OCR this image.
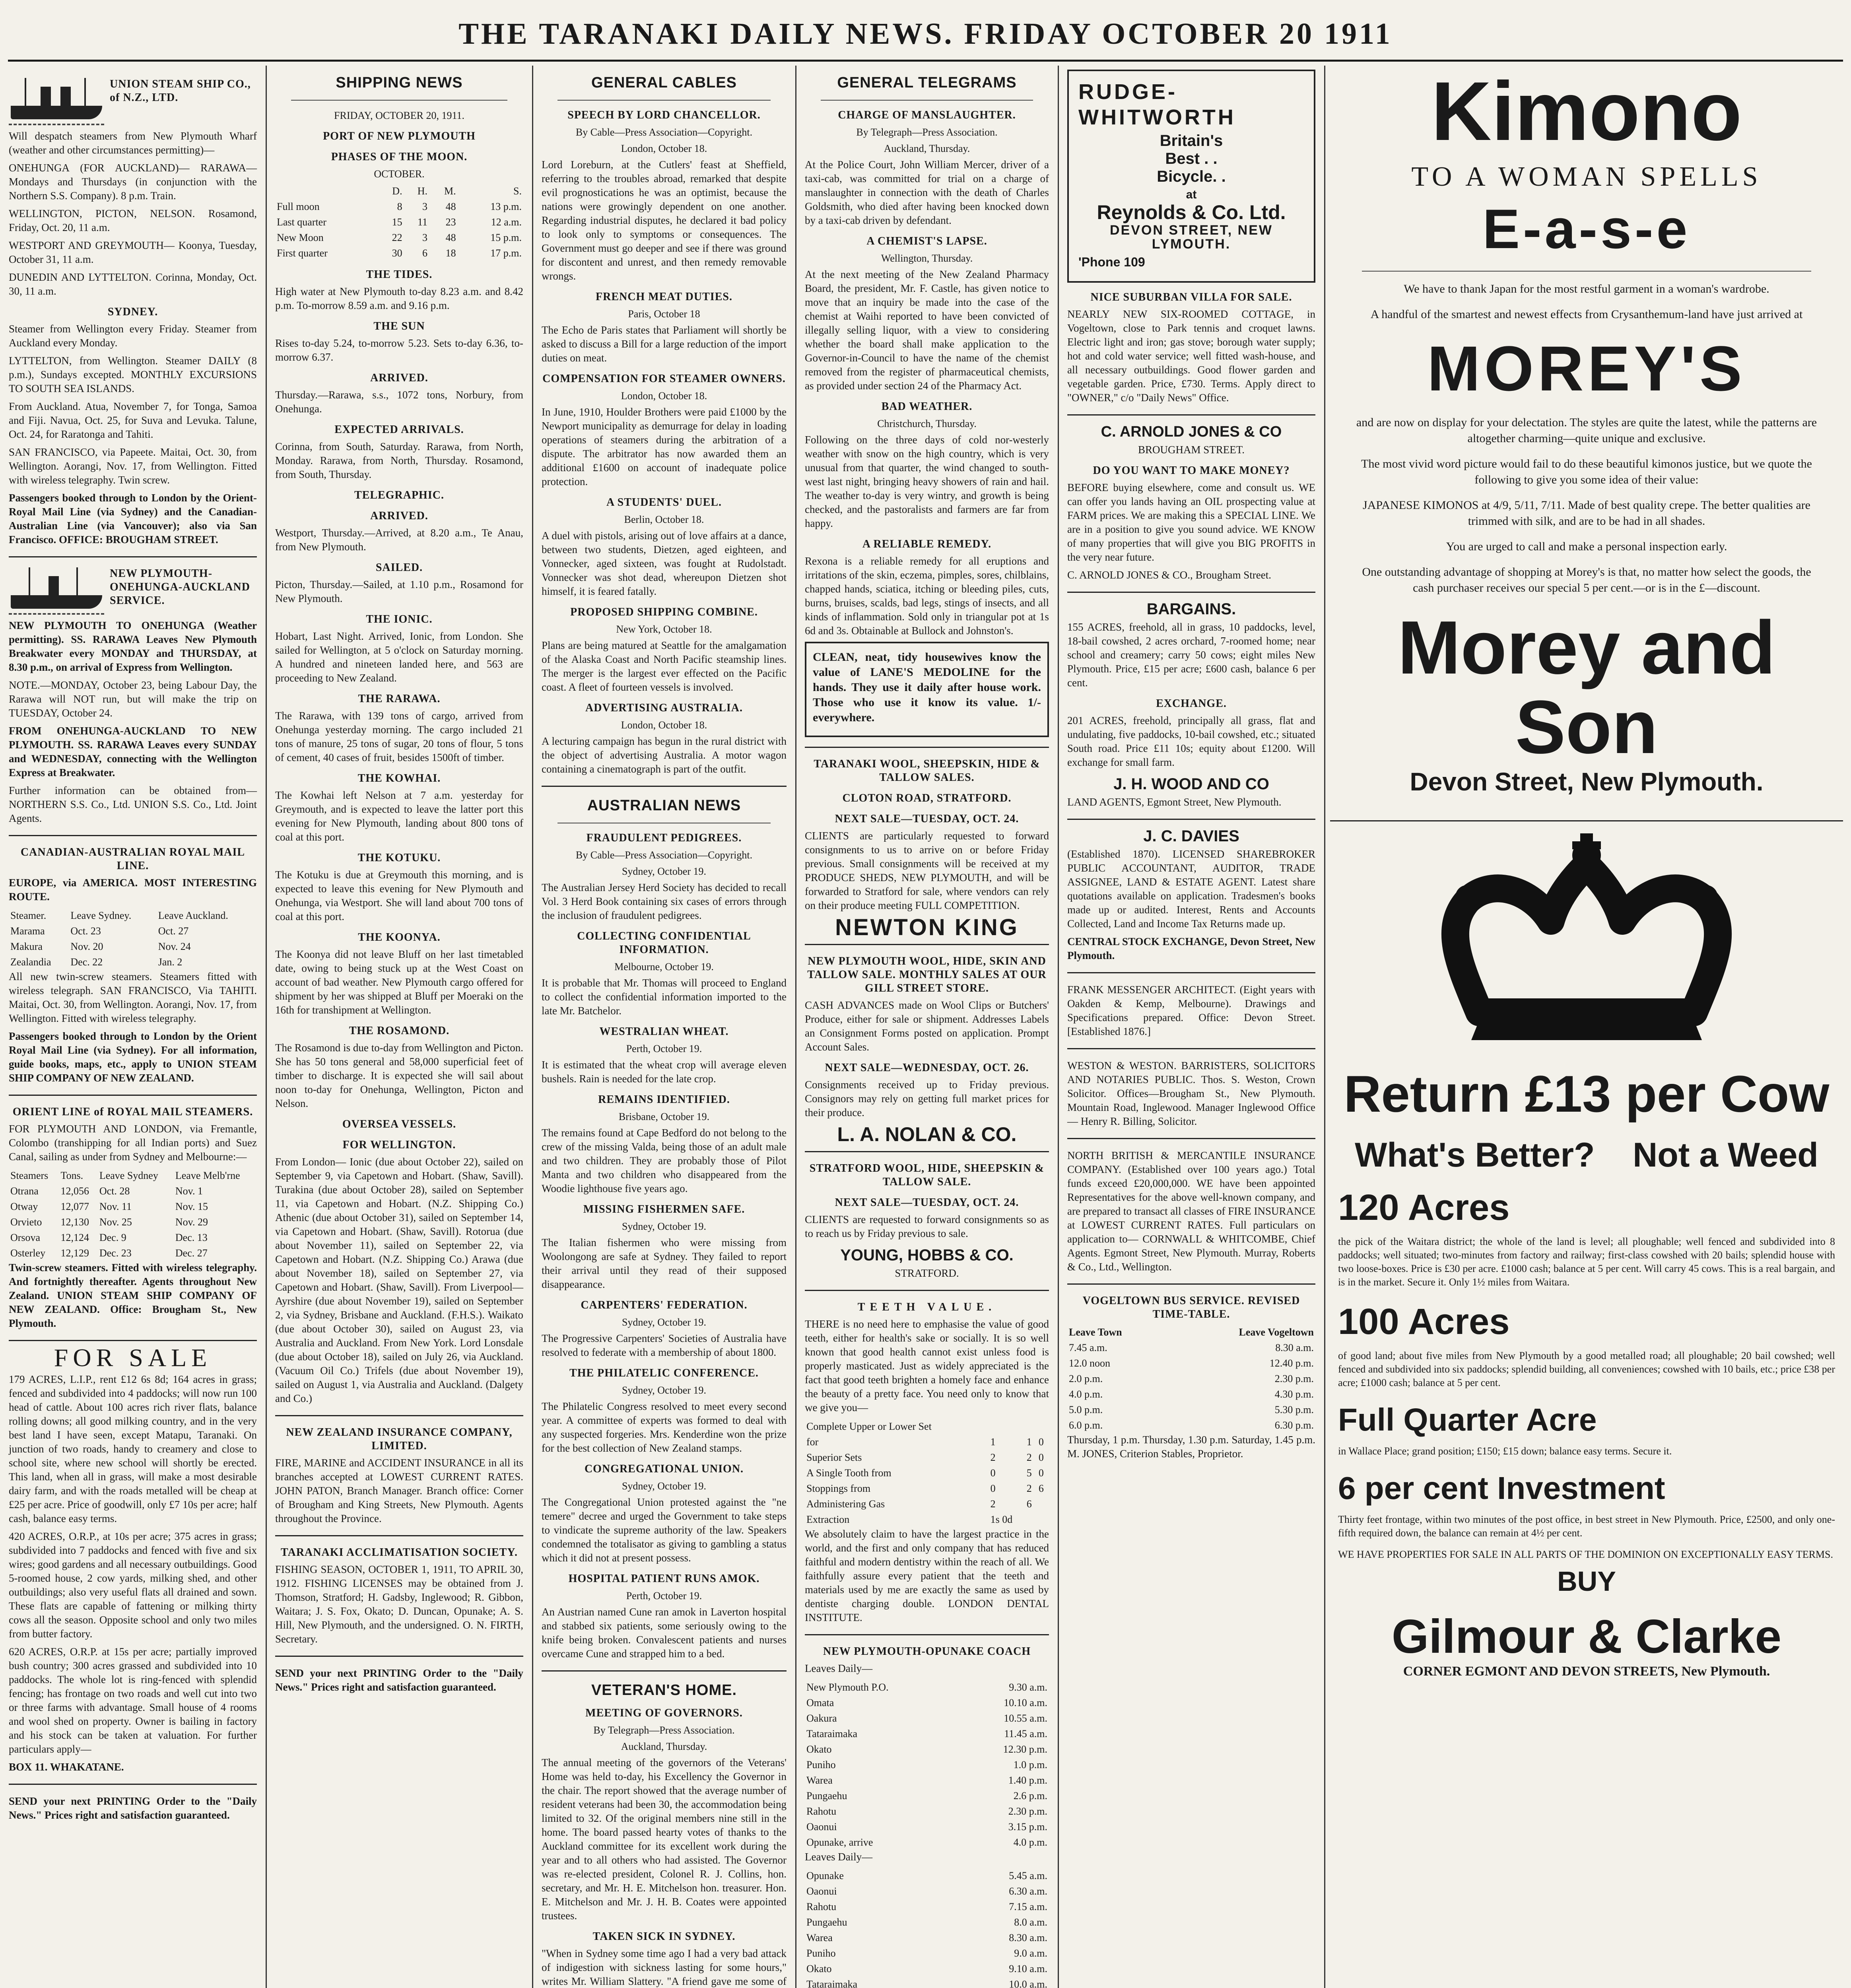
THE TARANAKI DAILY NEWS. FRIDAY OCTOBER 20 1911
UNION STEAM SHIP CO., of N.Z., LTD.

Will despatch steamers from New Plymouth Wharf (weather and other circumstances permitting)—

ONEHUNGA (FOR AUCKLAND)— RARAWA—Mondays and Thursdays (in conjunction with the Northern S.S. Company). 8 p.m. Train.

WELLINGTON, PICTON, NELSON. Rosamond, Friday, Oct. 20, 11 a.m.

WESTPORT AND GREYMOUTH— Koonya, Tuesday, October 31, 11 a.m.

DUNEDIN AND LYTTELTON. Corinna, Monday, Oct. 30, 11 a.m.

SYDNEY.

Steamer from Wellington every Friday. Steamer from Auckland every Monday.

LYTTELTON, from Wellington. Steamer DAILY (8 p.m.), Sundays excepted. MONTHLY EXCURSIONS TO SOUTH SEA ISLANDS.

From Auckland. Atua, November 7, for Tonga, Samoa and Fiji. Navua, Oct. 25, for Suva and Levuka. Talune, Oct. 24, for Raratonga and Tahiti.

SAN FRANCISCO, via Papeete. Maitai, Oct. 30, from Wellington. Aorangi, Nov. 17, from Wellington. Fitted with wireless telegraphy. Twin screw.

Passengers booked through to London by the Orient-Royal Mail Line (via Sydney) and the Canadian-Australian Line (via Vancouver); also via San Francisco. OFFICE: BROUGHAM STREET.

NEW PLYMOUTH-ONEHUNGA-AUCKLAND SERVICE.

NEW PLYMOUTH TO ONEHUNGA (Weather permitting). SS. RARAWA Leaves New Plymouth Breakwater every MONDAY and THURSDAY, at 8.30 p.m., on arrival of Express from Wellington.

NOTE.—MONDAY, October 23, being Labour Day, the Rarawa will NOT run, but will make the trip on TUESDAY, October 24.

FROM ONEHUNGA-AUCKLAND TO NEW PLYMOUTH. SS. RARAWA Leaves every SUNDAY and WEDNESDAY, connecting with the Wellington Express at Breakwater.

Further information can be obtained from— NORTHERN S.S. Co., Ltd. UNION S.S. Co., Ltd. Joint Agents.

CANADIAN-AUSTRALIAN ROYAL MAIL LINE.

EUROPE, via AMERICA. MOST INTERESTING ROUTE.

Steamer.	Leave Sydney.	Leave Auckland.
Marama	Oct. 23	Oct. 27
Makura	Nov. 20	Nov. 24
Zealandia	Dec. 22	Jan. 2

All new twin-screw steamers. Steamers fitted with wireless telegraph. SAN FRANCISCO, Via TAHITI. Maitai, Oct. 30, from Wellington. Aorangi, Nov. 17, from Wellington. Fitted with wireless telegraphy.

Passengers booked through to London by the Orient Royal Mail Line (via Sydney). For all information, guide books, maps, etc., apply to UNION STEAM SHIP COMPANY OF NEW ZEALAND.

ORIENT LINE of ROYAL MAIL STEAMERS.

FOR PLYMOUTH AND LONDON, via Fremantle, Colombo (transhipping for all Indian ports) and Suez Canal, sailing as under from Sydney and Melbourne:—

Steamers	Tons.	Leave Sydney	Leave Melb'rne
Otrana	12,056	Oct. 28	Nov. 1
Otway	12,077	Nov. 11	Nov. 15
Orvieto	12,130	Nov. 25	Nov. 29
Orsova	12,124	Dec. 9	Dec. 13
Osterley	12,129	Dec. 23	Dec. 27

Twin-screw steamers. Fitted with wireless telegraphy. And fortnightly thereafter. Agents throughout New Zealand. UNION STEAM SHIP COMPANY OF NEW ZEALAND. Office: Brougham St., New Plymouth.

FOR SALE

179 ACRES, L.I.P., rent £12 6s 8d; 164 acres in grass; fenced and subdivided into 4 paddocks; will now run 100 head of cattle. About 100 acres rich river flats, balance rolling downs; all good milking country, and in the very best land I have seen, except Matapu, Taranaki. On junction of two roads, handy to creamery and close to school site, where new school will shortly be erected. This land, when all in grass, will make a most desirable dairy farm, and with the roads metalled will be cheap at £25 per acre. Price of goodwill, only £7 10s per acre; half cash, balance easy terms.

420 ACRES, O.R.P., at 10s per acre; 375 acres in grass; subdivided into 7 paddocks and fenced with five and six wires; good gardens and all necessary outbuildings. Good 5-roomed house, 2 cow yards, milking shed, and other outbuildings; also very useful flats all drained and sown. These flats are capable of fattening or milking thirty cows all the season. Opposite school and only two miles from butter factory.

620 ACRES, O.R.P. at 15s per acre; partially improved bush country; 300 acres grassed and subdivided into 10 paddocks. The whole lot is ring-fenced with splendid fencing; has frontage on two roads and well cut into two or three farms with advantage. Small house of 4 rooms and wool shed on property. Owner is bailing in factory and his stock can be taken at valuation. For further particulars apply—

BOX 11. WHAKATANE.

SEND your next PRINTING Order to the "Daily News." Prices right and satisfaction guaranteed.

SHIPPING NEWS
FRIDAY, OCTOBER 20, 1911.
PORT OF NEW PLYMOUTH
PHASES OF THE MOON.
OCTOBER.
	D.	H.	M.	S.
Full moon	8	3	48	13 p.m.
Last quarter	15	11	23	12 a.m.
New Moon	22	3	48	15 p.m.
First quarter	30	6	18	17 p.m.
THE TIDES.

High water at New Plymouth to-day 8.23 a.m. and 8.42 p.m. To-morrow 8.59 a.m. and 9.16 p.m.

THE SUN

Rises to-day 5.24, to-morrow 5.23. Sets to-day 6.36, to-morrow 6.37.

ARRIVED.

Thursday.—Rarawa, s.s., 1072 tons, Norbury, from Onehunga.

EXPECTED ARRIVALS.

Corinna, from South, Saturday. Rarawa, from North, Monday. Rarawa, from North, Thursday. Rosamond, from South, Thursday.

TELEGRAPHIC.
ARRIVED.

Westport, Thursday.—Arrived, at 8.20 a.m., Te Anau, from New Plymouth.

SAILED.

Picton, Thursday.—Sailed, at 1.10 p.m., Rosamond for New Plymouth.

THE IONIC.

Hobart, Last Night. Arrived, Ionic, from London. She sailed for Wellington, at 5 o'clock on Saturday morning. A hundred and nineteen landed here, and 563 are proceeding to New Zealand.

THE RARAWA.

The Rarawa, with 139 tons of cargo, arrived from Onehunga yesterday morning. The cargo included 21 tons of manure, 25 tons of sugar, 20 tons of flour, 5 tons of cement, 40 cases of fruit, besides 1500ft of timber.

THE KOWHAI.

The Kowhai left Nelson at 7 a.m. yesterday for Greymouth, and is expected to leave the latter port this evening for New Plymouth, landing about 800 tons of coal at this port.

THE KOTUKU.

The Kotuku is due at Greymouth this morning, and is expected to leave this evening for New Plymouth and Onehunga, via Westport. She will land about 700 tons of coal at this port.

THE KOONYA.

The Koonya did not leave Bluff on her last timetabled date, owing to being stuck up at the West Coast on account of bad weather. New Plymouth cargo offered for shipment by her was shipped at Bluff per Moeraki on the 16th for transhipment at Wellington.

THE ROSAMOND.

The Rosamond is due to-day from Wellington and Picton. She has 50 tons general and 58,000 superficial feet of timber to discharge. It is expected she will sail about noon to-day for Onehunga, Wellington, Picton and Nelson.

OVERSEA VESSELS.
FOR WELLINGTON.

From London— Ionic (due about October 22), sailed on September 9, via Capetown and Hobart. (Shaw, Savill). Turakina (due about October 28), sailed on September 11, via Capetown and Hobart. (N.Z. Shipping Co.) Athenic (due about October 31), sailed on September 14, via Capetown and Hobart. (Shaw, Savill). Rotorua (due about November 11), sailed on September 22, via Capetown and Hobart. (N.Z. Shipping Co.) Arawa (due about November 18), sailed on September 27, via Capetown and Hobart. (Shaw, Savill). From Liverpool— Ayrshire (due about November 19), sailed on September 2, via Sydney, Brisbane and Auckland. (F.H.S.). Waikato (due about October 30), sailed on August 23, via Australia and Auckland. From New York. Lord Lonsdale (due about October 18), sailed on July 26, via Auckland. (Vacuum Oil Co.) Trifels (due about November 19), sailed on August 1, via Australia and Auckland. (Dalgety and Co.)

NEW ZEALAND INSURANCE COMPANY, LIMITED.

FIRE, MARINE and ACCIDENT INSURANCE in all its branches accepted at LOWEST CURRENT RATES. JOHN PATON, Branch Manager. Branch office: Corner of Brougham and King Streets, New Plymouth. Agents throughout the Province.

TARANAKI ACCLIMATISATION SOCIETY.

FISHING SEASON, OCTOBER 1, 1911, TO APRIL 30, 1912. FISHING LICENSES may be obtained from J. Thomson, Stratford; H. Gadsby, Inglewood; R. Gibbon, Waitara; J. S. Fox, Okato; D. Duncan, Opunake; A. S. Hill, New Plymouth, and the undersigned. O. N. FIRTH, Secretary.

SEND your next PRINTING Order to the "Daily News." Prices right and satisfaction guaranteed.

GENERAL CABLES
SPEECH BY LORD CHANCELLOR.
By Cable—Press Association—Copyright.
London, October 18.

Lord Loreburn, at the Cutlers' feast at Sheffield, referring to the troubles abroad, remarked that despite evil prognostications he was an optimist, because the nations were growingly dependent on one another. Regarding industrial disputes, he declared it bad policy to look only to symptoms or consequences. The Government must go deeper and see if there was ground for discontent and unrest, and then remedy removable wrongs.

FRENCH MEAT DUTIES.
Paris, October 18

The Echo de Paris states that Parliament will shortly be asked to discuss a Bill for a large reduction of the import duties on meat.

COMPENSATION FOR STEAMER OWNERS.
London, October 18.

In June, 1910, Houlder Brothers were paid £1000 by the Newport municipality as demurrage for delay in loading operations of steamers during the arbitration of a dispute. The arbitrator has now awarded them an additional £1600 on account of inadequate police protection.

A STUDENTS' DUEL.
Berlin, October 18.

A duel with pistols, arising out of love affairs at a dance, between two students, Dietzen, aged eighteen, and Vonnecker, aged sixteen, was fought at Rudolstadt. Vonnecker was shot dead, whereupon Dietzen shot himself, it is feared fatally.

PROPOSED SHIPPING COMBINE.
New York, October 18.

Plans are being matured at Seattle for the amalgamation of the Alaska Coast and North Pacific steamship lines. The merger is the largest ever effected on the Pacific coast. A fleet of fourteen vessels is involved.

ADVERTISING AUSTRALIA.
London, October 18.

A lecturing campaign has begun in the rural district with the object of advertising Australia. A motor wagon containing a cinematograph is part of the outfit.

AUSTRALIAN NEWS
FRAUDULENT PEDIGREES.
By Cable—Press Association—Copyright.
Sydney, October 19.

The Australian Jersey Herd Society has decided to recall Vol. 3 Herd Book containing six cases of errors through the inclusion of fraudulent pedigrees.

COLLECTING CONFIDENTIAL INFORMATION.
Melbourne, October 19.

It is probable that Mr. Thomas will proceed to England to collect the confidential information imported to the late Mr. Batchelor.

WESTRALIAN WHEAT.
Perth, October 19.

It is estimated that the wheat crop will average eleven bushels. Rain is needed for the late crop.

REMAINS IDENTIFIED.
Brisbane, October 19.

The remains found at Cape Bedford do not belong to the crew of the missing Valda, being those of an adult male and two children. They are probably those of Pilot Manta and two children who disappeared from the Woodie lighthouse five years ago.

MISSING FISHERMEN SAFE.
Sydney, October 19.

The Italian fishermen who were missing from Woolongong are safe at Sydney. They failed to report their arrival until they read of their supposed disappearance.

CARPENTERS' FEDERATION.
Sydney, October 19.

The Progressive Carpenters' Societies of Australia have resolved to federate with a membership of about 1800.

THE PHILATELIC CONFERENCE.
Sydney, October 19.

The Philatelic Congress resolved to meet every second year. A committee of experts was formed to deal with any suspected forgeries. Mrs. Kenderdine won the prize for the best collection of New Zealand stamps.

CONGREGATIONAL UNION.
Sydney, October 19.

The Congregational Union protested against the "ne temere" decree and urged the Government to take steps to vindicate the supreme authority of the law. Speakers condemned the totalisator as giving to gambling a status which it did not at present possess.

HOSPITAL PATIENT RUNS AMOK.
Perth, October 19.

An Austrian named Cune ran amok in Laverton hospital and stabbed six patients, some seriously owing to the knife being broken. Convalescent patients and nurses overcame Cune and strapped him to a bed.

VETERAN'S HOME.
MEETING OF GOVERNORS.
By Telegraph—Press Association.
Auckland, Thursday.

The annual meeting of the governors of the Veterans' Home was held to-day, his Excellency the Governor in the chair. The report showed that the average number of resident veterans had been 30, the accommodation being limited to 32. Of the original members nine still in the home. The board passed hearty votes of thanks to the Auckland committee for its excellent work during the year and to all others who had assisted. The Governor was re-elected president, Colonel R. J. Collins, hon. secretary, and Mr. H. E. Mitchelson hon. treasurer. Hon. E. Mitchelson and Mr. J. H. B. Coates were appointed trustees.

TAKEN SICK IN SYDNEY.

"When in Sydney some time ago I had a very bad attack of indigestion with sickness lasting for some hours," writes Mr. William Slattery. "A friend gave me some of

GENERAL TELEGRAMS
CHARGE OF MANSLAUGHTER.
By Telegraph—Press Association.
Auckland, Thursday.

At the Police Court, John William Mercer, driver of a taxi-cab, was committed for trial on a charge of manslaughter in connection with the death of Charles Goldsmith, who died after having been knocked down by a taxi-cab driven by defendant.

A CHEMIST'S LAPSE.
Wellington, Thursday.

At the next meeting of the New Zealand Pharmacy Board, the president, Mr. F. Castle, has given notice to move that an inquiry be made into the case of the chemist at Waihi reported to have been convicted of illegally selling liquor, with a view to considering whether the board shall make application to the Governor-in-Council to have the name of the chemist removed from the register of pharmaceutical chemists, as provided under section 24 of the Pharmacy Act.

BAD WEATHER.
Christchurch, Thursday.

Following on the three days of cold nor-westerly weather with snow on the high country, which is very unusual from that quarter, the wind changed to south-west last night, bringing heavy showers of rain and hail. The weather to-day is very wintry, and growth is being checked, and the pastoralists and farmers are far from happy.

A RELIABLE REMEDY.

Rexona is a reliable remedy for all eruptions and irritations of the skin, eczema, pimples, sores, chilblains, chapped hands, sciatica, itching or bleeding piles, cuts, burns, bruises, scalds, bad legs, stings of insects, and all kinds of inflammation. Sold only in triangular pot at 1s 6d and 3s. Obtainable at Bullock and Johnston's.

CLEAN, neat, tidy housewives know the value of LANE'S MEDOLINE for the hands. They use it daily after house work. Those who use it know its value. 1/- everywhere.

TARANAKI WOOL, SHEEPSKIN, HIDE & TALLOW SALES.
CLOTON ROAD, STRATFORD.
NEXT SALE—TUESDAY, OCT. 24.

CLIENTS are particularly requested to forward consignments to us to arrive on or before Friday previous. Small consignments will be received at my PRODUCE SHEDS, NEW PLYMOUTH, and will be forwarded to Stratford for sale, where vendors can rely on their produce meeting FULL COMPETITION.

NEWTON KING
NEW PLYMOUTH WOOL, HIDE, SKIN AND TALLOW SALE. MONTHLY SALES AT OUR GILL STREET STORE.

CASH ADVANCES made on Wool Clips or Butchers' Produce, either for sale or shipment. Addresses Labels an Consignment Forms posted on application. Prompt Account Sales.

NEXT SALE—WEDNESDAY, OCT. 26.

Consignments received up to Friday previous. Consignors may rely on getting full market prices for their produce.

L. A. NOLAN & CO.
STRATFORD WOOL, HIDE, SHEEPSKIN & TALLOW SALE.
NEXT SALE—TUESDAY, OCT. 24.

CLIENTS are requested to forward consignments so as to reach us by Friday previous to sale.

YOUNG, HOBBS & CO.
STRATFORD.
TEETH VALUE.

THERE is no need here to emphasise the value of good teeth, either for health's sake or socially. It is so well known that good health cannot exist unless food is properly masticated. Just as widely appreciated is the fact that good teeth brighten a homely face and enhance the beauty of a pretty face. You need only to know that we give you—

Complete Upper or Lower Set			
for	1	1	0
Superior Sets	2	2	0
A Single Tooth from	0	5	0
Stoppings from	0	2	6
Administering Gas	2	6	
Extraction	1s 0d		

We absolutely claim to have the largest practice in the world, and the first and only company that has reduced faithful and modern dentistry within the reach of all. We faithfully assure every patient that the teeth and materials used by me are exactly the same as used by dentiste charging double. LONDON DENTAL INSTITUTE.

NEW PLYMOUTH-OPUNAKE COACH

Leaves Daily—

New Plymouth P.O.	9.30 a.m.
Omata	10.10 a.m.
Oakura	10.55 a.m.
Tataraimaka	11.45 a.m.
Okato	12.30 p.m.
Puniho	1.0 p.m.
Warea	1.40 p.m.
Pungaehu	2.6 p.m.
Rahotu	2.30 p.m.
Oaonui	3.15 p.m.
Opunake, arrive	4.0 p.m.

Leaves Daily—

Opunake	5.45 a.m.
Oaonui	6.30 a.m.
Rahotu	7.15 a.m.
Pungaehu	8.0 a.m.
Warea	8.30 a.m.
Puniho	9.0 a.m.
Okato	9.10 a.m.
Tataraimaka	10.0 a.m.

RUDGE-WHITWORTH
Britain's
Best . .
Bicycle. .
at
Reynolds & Co. Ltd.
DEVON STREET, NEW LYMOUTH.
'Phone 109
NICE SUBURBAN VILLA FOR SALE.

NEARLY NEW SIX-ROOMED COTTAGE, in Vogeltown, close to Park tennis and croquet lawns. Electric light and iron; gas stove; borough water supply; hot and cold water service; well fitted wash-house, and all necessary outbuildings. Good flower garden and vegetable garden. Price, £730. Terms. Apply direct to "OWNER," c/o "Daily News" Office.

C. ARNOLD JONES & CO
BROUGHAM STREET.
DO YOU WANT TO MAKE MONEY?

BEFORE buying elsewhere, come and consult us. WE can offer you lands having an OIL prospecting value at FARM prices. We are making this a SPECIAL LINE. We are in a position to give you sound advice. WE KNOW of many properties that will give you BIG PROFITS in the very near future.

C. ARNOLD JONES & CO., Brougham Street.

BARGAINS.

155 ACRES, freehold, all in grass, 10 paddocks, level, 18-bail cowshed, 2 acres orchard, 7-roomed home; near school and creamery; carry 50 cows; eight miles New Plymouth. Price, £15 per acre; £600 cash, balance 6 per cent.

EXCHANGE.

201 ACRES, freehold, principally all grass, flat and undulating, five paddocks, 10-bail cowshed, etc.; situated South road. Price £11 10s; equity about £1200. Will exchange for small farm.

J. H. WOOD AND CO

LAND AGENTS, Egmont Street, New Plymouth.

J. C. DAVIES

(Established 1870). LICENSED SHAREBROKER PUBLIC ACCOUNTANT, AUDITOR, TRADE ASSIGNEE, LAND & ESTATE AGENT. Latest share quotations available on application. Tradesmen's books made up or audited. Interest, Rents and Accounts Collected, Land and Income Tax Returns made up.

CENTRAL STOCK EXCHANGE, Devon Street, New Plymouth.

FRANK MESSENGER ARCHITECT. (Eight years with Oakden & Kemp, Melbourne). Drawings and Specifications prepared. Office: Devon Street. [Established 1876.]

WESTON & WESTON. BARRISTERS, SOLICITORS AND NOTARIES PUBLIC. Thos. S. Weston, Crown Solicitor. Offices—Brougham St., New Plymouth. Mountain Road, Inglewood. Manager Inglewood Office — Henry R. Billing, Solicitor.

NORTH BRITISH & MERCANTILE INSURANCE COMPANY. (Established over 100 years ago.) Total funds exceed £20,000,000. WE have been appointed Representatives for the above well-known company, and are prepared to transact all classes of FIRE INSURANCE at LOWEST CURRENT RATES. Full particulars on application to— CORNWALL & WHITCOMBE, Chief Agents. Egmont Street, New Plymouth. Murray, Roberts & Co., Ltd., Wellington.

VOGELTOWN BUS SERVICE. REVISED TIME-TABLE.
Leave Town	Leave Vogeltown
7.45 a.m.	8.30 a.m.
12.0 noon	12.40 p.m.
2.0 p.m.	2.30 p.m.
4.0 p.m.	4.30 p.m.
5.0 p.m.	5.30 p.m.
6.0 p.m.	6.30 p.m.

Thursday, 1 p.m. Thursday, 1.30 p.m. Saturday, 1.45 p.m. M. JONES, Criterion Stables, Proprietor.

Kimono
TO A WOMAN SPELLS
E-a-s-e

We have to thank Japan for the most restful garment in a woman's wardrobe.

A handful of the smartest and newest effects from Crysanthemum-land have just arrived at

MOREY'S

and are now on display for your delectation. The styles are quite the latest, while the patterns are altogether charming—quite unique and exclusive.

The most vivid word picture would fail to do these beautiful kimonos justice, but we quote the following to give you some idea of their value:

JAPANESE KIMONOS at 4/9, 5/11, 7/11. Made of best quality crepe. The better qualities are trimmed with silk, and are to be had in all shades.

You are urged to call and make a personal inspection early.

One outstanding advantage of shopping at Morey's is that, no matter how select the goods, the cash purchaser receives our special 5 per cent.—or is in the £—discount.

Morey and Son
Devon Street, New Plymouth.
Return £13 per Cow
What's Better? Not a Weed
120 Acres

the pick of the Waitara district; the whole of the land is level; all ploughable; well fenced and subdivided into 8 paddocks; well situated; two-minutes from factory and railway; first-class cowshed with 20 bails; splendid house with two loose-boxes. Price is £30 per acre. £1000 cash; balance at 5 per cent. Will carry 45 cows. This is a real bargain, and is in the market. Secure it. Only 1½ miles from Waitara.

100 Acres

of good land; about five miles from New Plymouth by a good metalled road; all ploughable; 20 bail cowshed; well fenced and subdivided into six paddocks; splendid building, all conveniences; cowshed with 10 bails, etc.; price £38 per acre; £1000 cash; balance at 5 per cent.

Full Quarter Acre

in Wallace Place; grand position; £150; £15 down; balance easy terms. Secure it.

6 per cent Investment

Thirty feet frontage, within two minutes of the post office, in best street in New Plymouth. Price, £2500, and only one-fifth required down, the balance can remain at 4½ per cent.

WE HAVE PROPERTIES FOR SALE IN ALL PARTS OF THE DOMINION ON EXCEPTIONALLY EASY TERMS.

BUY
Gilmour & Clarke

CORNER EGMONT AND DEVON STREETS, New Plymouth.
